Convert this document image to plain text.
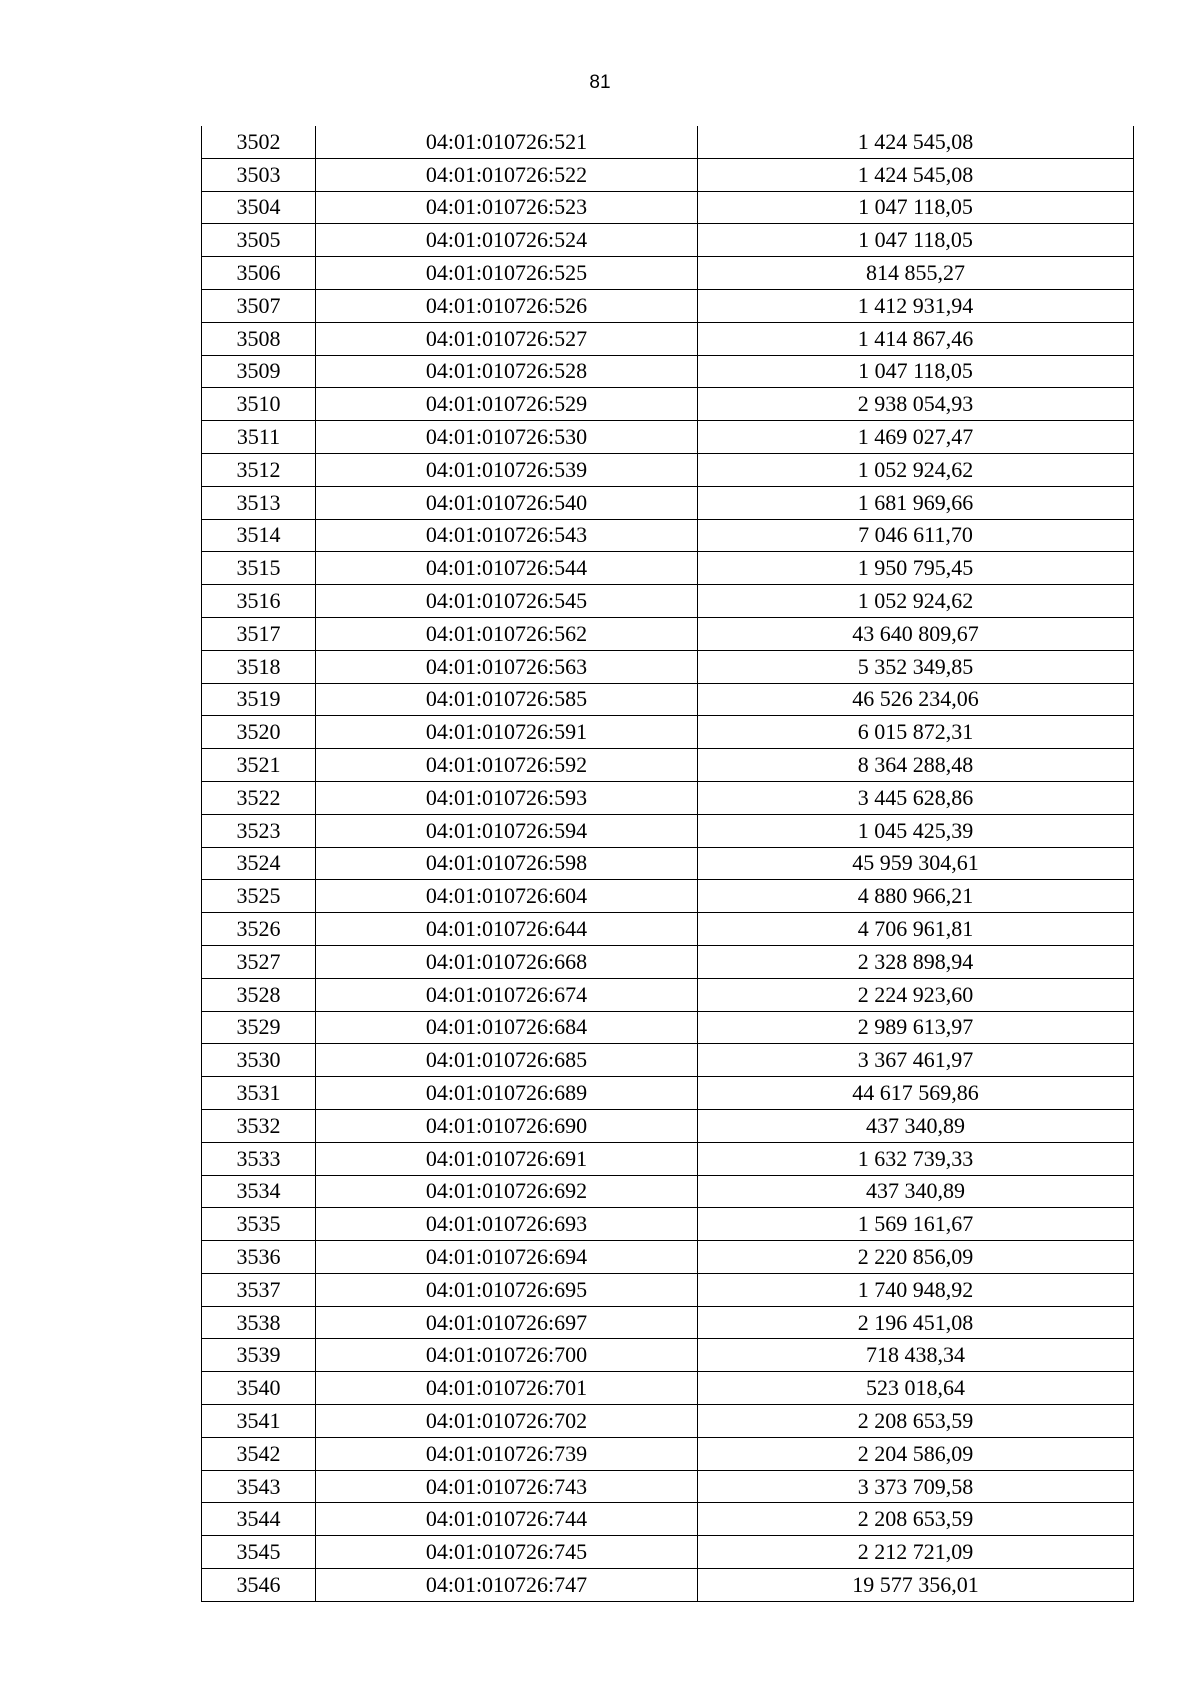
81
3502	04:01:010726:521	1 424 545,08
3503	04:01:010726:522	1 424 545,08
3504	04:01:010726:523	1 047 118,05
3505	04:01:010726:524	1 047 118,05
3506	04:01:010726:525	814 855,27
3507	04:01:010726:526	1 412 931,94
3508	04:01:010726:527	1 414 867,46
3509	04:01:010726:528	1 047 118,05
3510	04:01:010726:529	2 938 054,93
3511	04:01:010726:530	1 469 027,47
3512	04:01:010726:539	1 052 924,62
3513	04:01:010726:540	1 681 969,66
3514	04:01:010726:543	7 046 611,70
3515	04:01:010726:544	1 950 795,45
3516	04:01:010726:545	1 052 924,62
3517	04:01:010726:562	43 640 809,67
3518	04:01:010726:563	5 352 349,85
3519	04:01:010726:585	46 526 234,06
3520	04:01:010726:591	6 015 872,31
3521	04:01:010726:592	8 364 288,48
3522	04:01:010726:593	3 445 628,86
3523	04:01:010726:594	1 045 425,39
3524	04:01:010726:598	45 959 304,61
3525	04:01:010726:604	4 880 966,21
3526	04:01:010726:644	4 706 961,81
3527	04:01:010726:668	2 328 898,94
3528	04:01:010726:674	2 224 923,60
3529	04:01:010726:684	2 989 613,97
3530	04:01:010726:685	3 367 461,97
3531	04:01:010726:689	44 617 569,86
3532	04:01:010726:690	437 340,89
3533	04:01:010726:691	1 632 739,33
3534	04:01:010726:692	437 340,89
3535	04:01:010726:693	1 569 161,67
3536	04:01:010726:694	2 220 856,09
3537	04:01:010726:695	1 740 948,92
3538	04:01:010726:697	2 196 451,08
3539	04:01:010726:700	718 438,34
3540	04:01:010726:701	523 018,64
3541	04:01:010726:702	2 208 653,59
3542	04:01:010726:739	2 204 586,09
3543	04:01:010726:743	3 373 709,58
3544	04:01:010726:744	2 208 653,59
3545	04:01:010726:745	2 212 721,09
3546	04:01:010726:747	19 577 356,01
